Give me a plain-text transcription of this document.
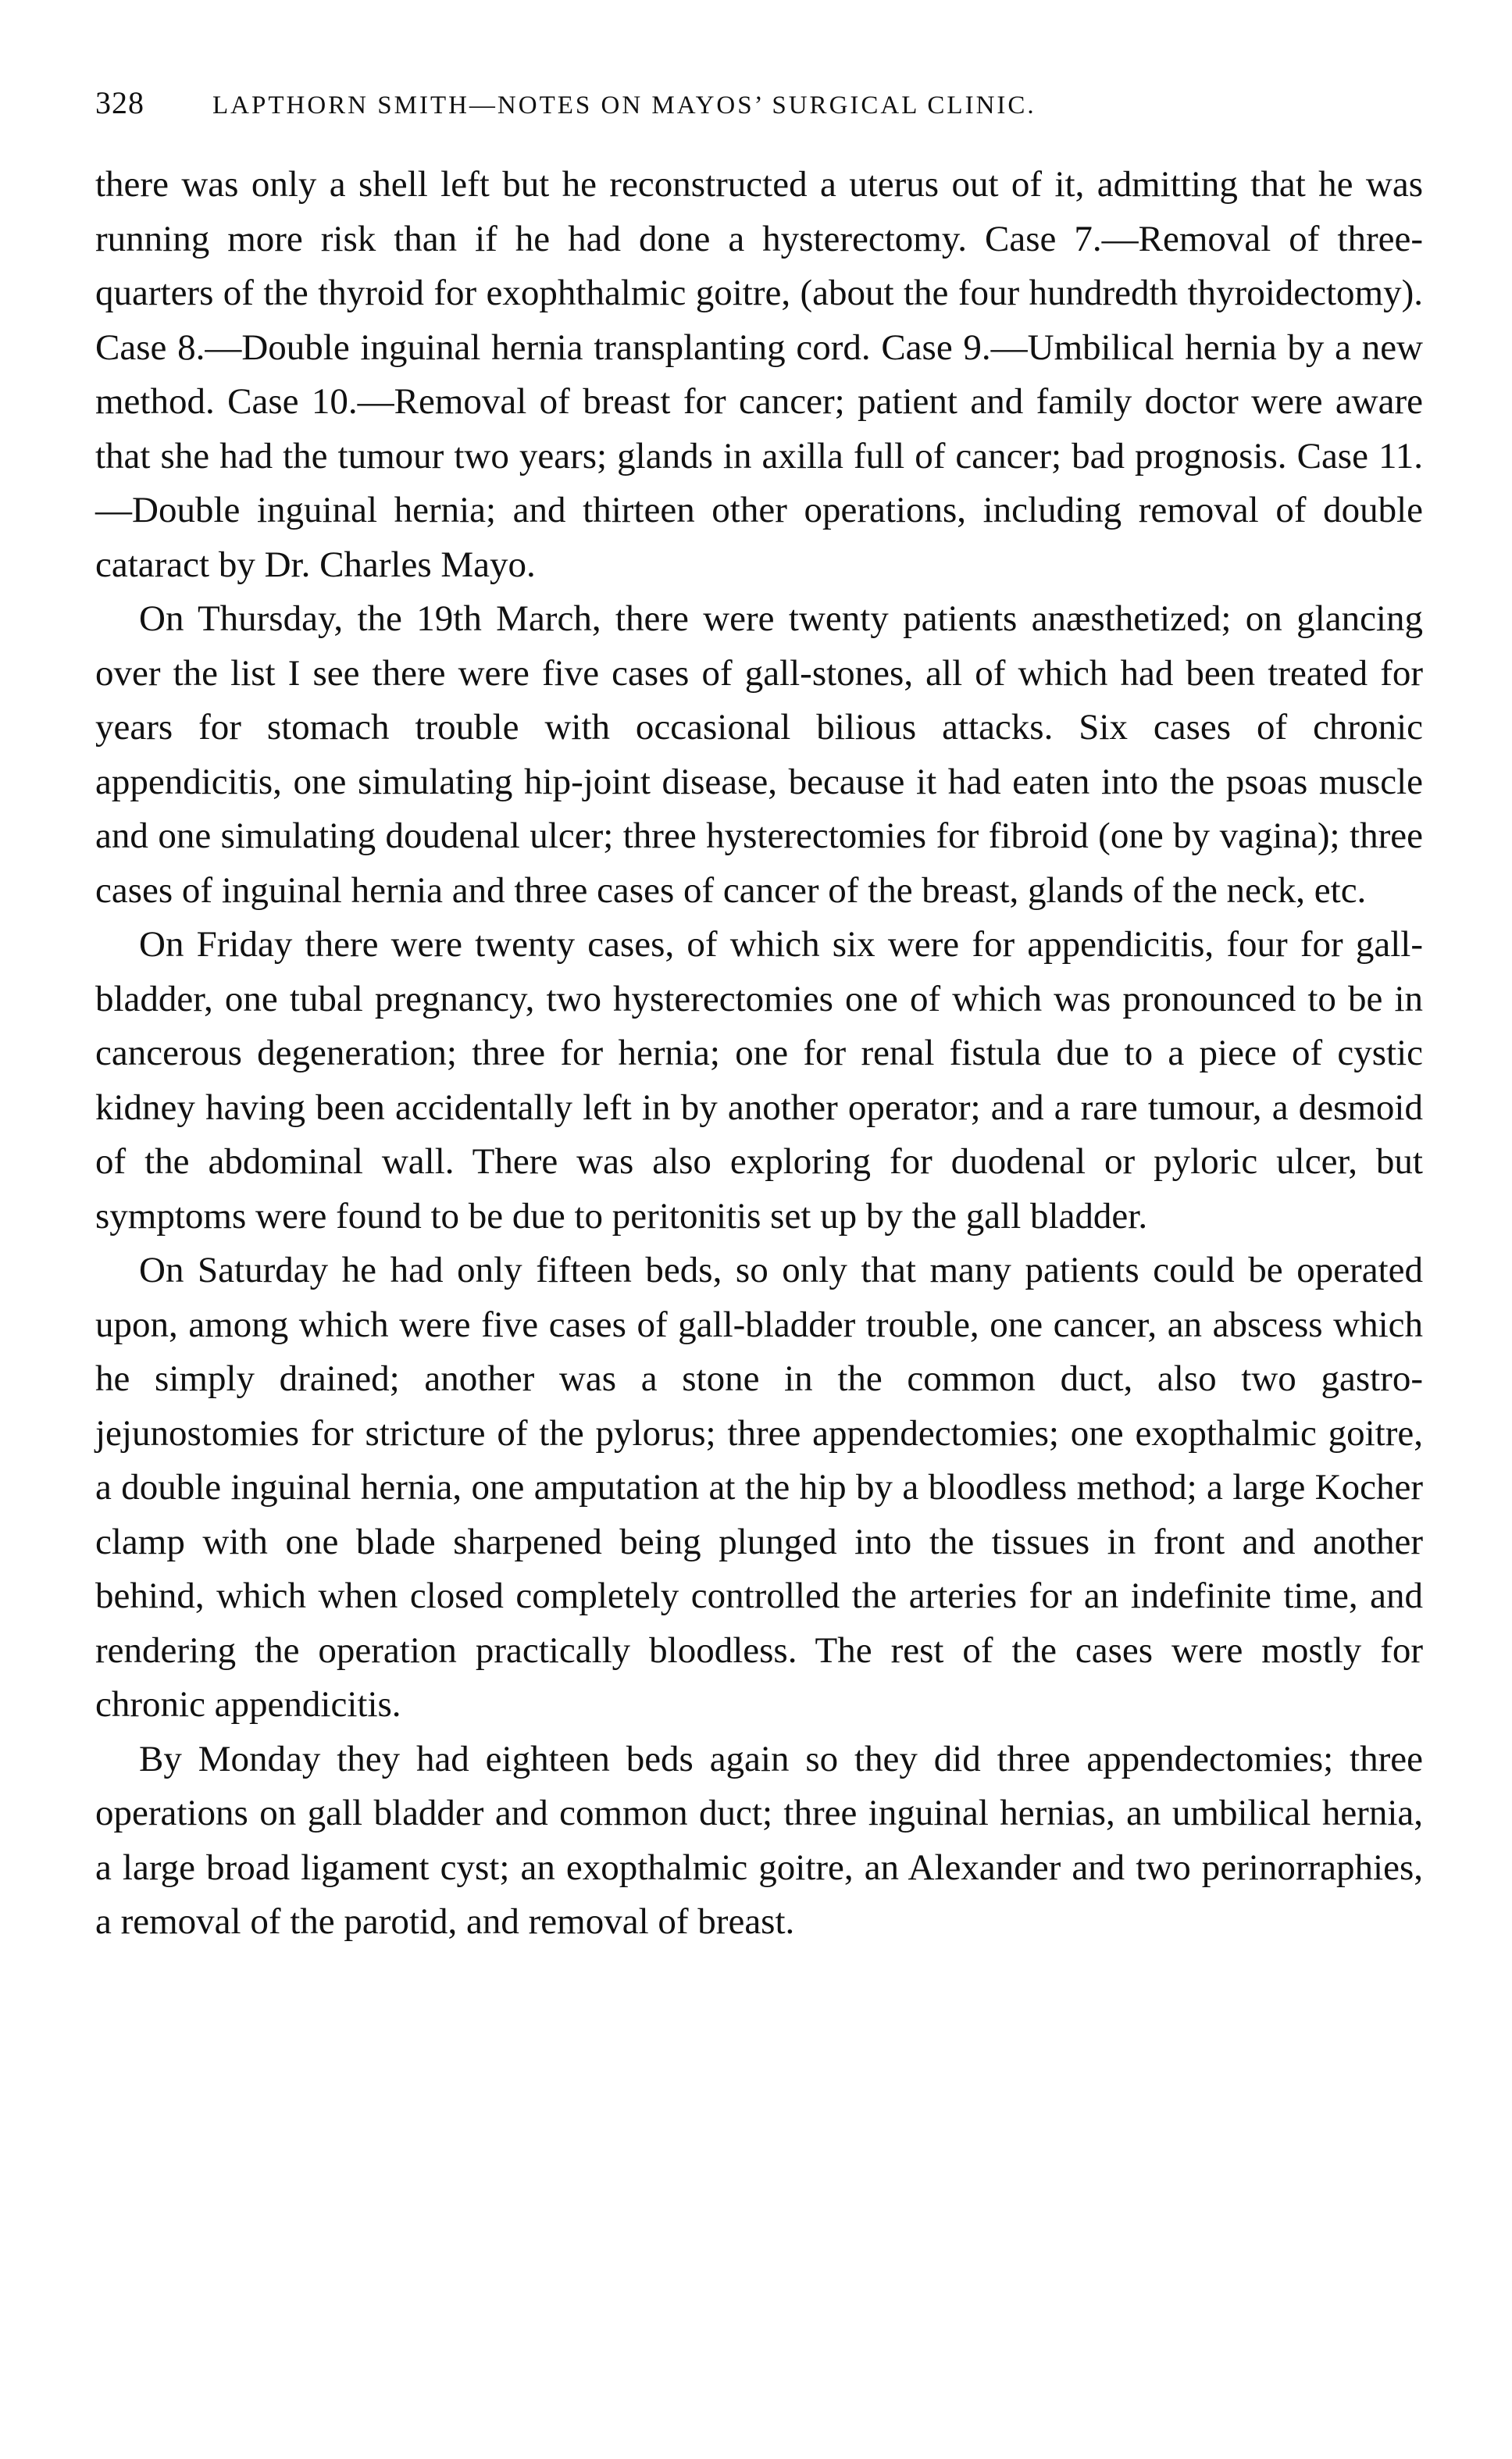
328	LAPTHORN SMITH—NOTES ON MAYOS’ SURGICAL CLINIC.

there was only a shell left but he reconstructed a uterus out of it, admitting that he was running more risk than if he had done a hysterectomy. Case 7.—Removal of three-quarters of the thyroid for exophthalmic goitre, (about the four hundredth thyroidectomy). Case 8.—Double inguinal hernia transplanting cord. Case 9.—Umbilical hernia by a new method. Case 10.—Removal of breast for cancer; patient and family doctor were aware that she had the tumour two years; glands in axilla full of cancer; bad prognosis. Case 11.—Double inguinal hernia; and thirteen other operations, including removal of double cataract by Dr. Charles Mayo.

On Thursday, the 19th March, there were twenty patients anæsthetized; on glancing over the list I see there were five cases of gall-stones, all of which had been treated for years for stomach trouble with occasional bilious attacks. Six cases of chronic appendicitis, one simulating hip-joint disease, because it had eaten into the psoas muscle and one simulating doudenal ulcer; three hysterectomies for fibroid (one by vagina); three cases of inguinal hernia and three cases of cancer of the breast, glands of the neck, etc.

On Friday there were twenty cases, of which six were for appendicitis, four for gall-bladder, one tubal pregnancy, two hysterectomies one of which was pronounced to be in cancerous degeneration; three for hernia; one for renal fistula due to a piece of cystic kidney having been accidentally left in by another operator; and a rare tumour, a desmoid of the abdominal wall. There was also exploring for duodenal or pyloric ulcer, but symptoms were found to be due to peritonitis set up by the gall bladder.

On Saturday he had only fifteen beds, so only that many patients could be operated upon, among which were five cases of gall-bladder trouble, one cancer, an abscess which he simply drained; another was a stone in the common duct, also two gastro-jejunostomies for stricture of the pylorus; three appendectomies; one exopthalmic goitre, a double inguinal hernia, one amputation at the hip by a bloodless method; a large Kocher clamp with one blade sharpened being plunged into the tissues in front and another behind, which when closed completely controlled the arteries for an indefinite time, and rendering the operation practically bloodless. The rest of the cases were mostly for chronic appendicitis.

By Monday they had eighteen beds again so they did three appendectomies; three operations on gall bladder and common duct; three inguinal hernias, an umbilical hernia, a large broad ligament cyst; an exopthalmic goitre, an Alexander and two perinorraphies, a removal of the parotid, and removal of breast.
